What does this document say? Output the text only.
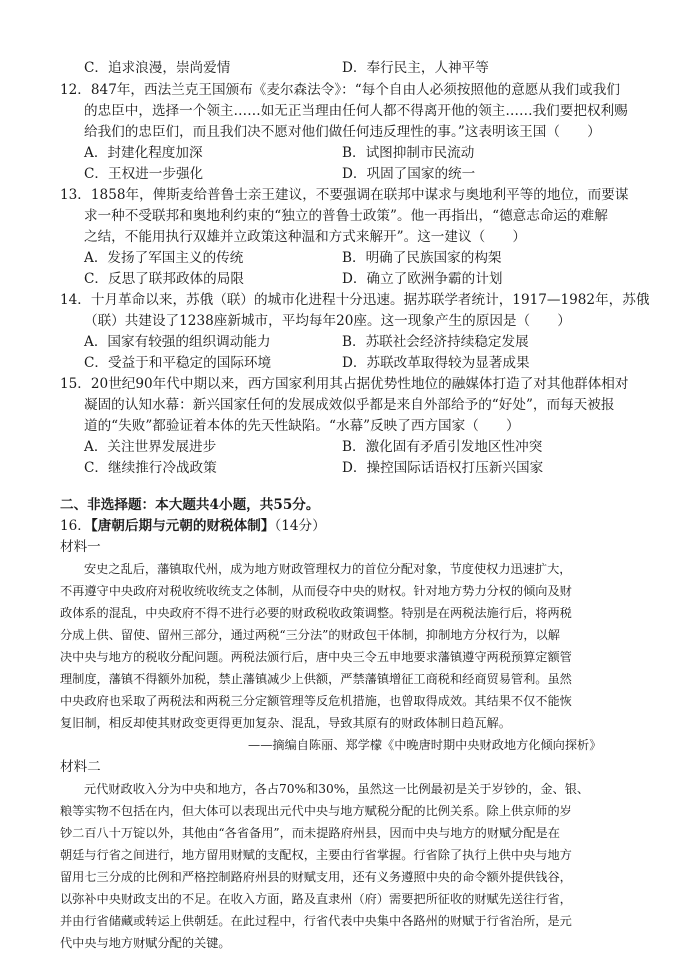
C．追求浪漫，崇尚爱情	D．奉行民主，人神平等
12．847年，西法兰克王国颁布《麦尔森法令》：“每个自由人必须按照他的意愿从我们或我们
的忠臣中，选择一个领主……如无正当理由任何人都不得离开他的领主……我们要把权利赐
给我们的忠臣们，而且我们决不愿对他们做任何违反理性的事。”这表明该王国（　　）
A．封建化程度加深	B．试图抑制市民流动
C．王权进一步强化	D．巩固了国家的统一
13．1858年，俾斯麦给普鲁士亲王建议，不要强调在联邦中谋求与奥地利平等的地位，而要谋
求一种不受联邦和奥地利约束的“独立的普鲁士政策”。他一再指出，“德意志命运的难解
之结，不能用执行双雄并立政策这种温和方式来解开”。这一建议（　　）
A．发扬了军国主义的传统	B．明确了民族国家的构架
C．反思了联邦政体的局限	D．确立了欧洲争霸的计划
14．十月革命以来，苏俄（联）的城市化进程十分迅速。据苏联学者统计，1917—1982年，苏俄
（联）共建设了1238座新城市，平均每年20座。这一现象产生的原因是（　　）
A．国家有较强的组织调动能力	B．苏联社会经济持续稳定发展
C．受益于和平稳定的国际环境	D．苏联改革取得较为显著成果
15．20世纪90年代中期以来，西方国家利用其占据优势性地位的融媒体打造了对其他群体相对
凝固的认知水幕：新兴国家任何的发展成效似乎都是来自外部给予的“好处”，而每天被报
道的“失败”都验证着本体的先天性缺陷。“水幕”反映了西方国家（　　）
A．关注世界发展进步	B．激化固有矛盾引发地区性冲突
C．继续推行冷战政策	D．操控国际话语权打压新兴国家
二、非选择题：本大题共4小题，共55分。
16．【唐朝后期与元朝的财税体制】（14分）
材料一
安史之乱后，藩镇取代州，成为地方财政管理权力的首位分配对象，节度使权力迅速扩大，
不再遵守中央政府对税收统收统支之体制，从而侵夺中央的财权。针对地方势力分权的倾向及财
政体系的混乱，中央政府不得不进行必要的财政税收政策调整。特别是在两税法施行后，将两税
分成上供、留使、留州三部分，通过两税“三分法”的财政包干体制，抑制地方分权行为，以解
决中央与地方的税收分配问题。两税法颁行后，唐中央三令五申地要求藩镇遵守两税预算定额管
理制度，藩镇不得额外加税，禁止藩镇减少上供额，严禁藩镇增征工商税和经商贸易管利。虽然
中央政府也采取了两税法和两税三分定额管理等反危机措施，也曾取得成效。其结果不仅不能恢
复旧制，相反却使其财政变更得更加复杂、混乱，导致其原有的财政体制日趋瓦解。
——摘编自陈丽、郑学檬《中晚唐时期中央财政地方化倾向探析》
材料二
元代财政收入分为中央和地方，各占70%和30%，虽然这一比例最初是关于岁钞的，金、银、
粮等实物不包括在内，但大体可以表现出元代中央与地方赋税分配的比例关系。除上供京师的岁
钞二百八十万锭以外，其他由“各省备用”，而未提路府州县，因而中央与地方的财赋分配是在
朝廷与行省之间进行，地方留用财赋的支配权，主要由行省掌握。行省除了执行上供中央与地方
留用七三分成的比例和严格控制路府州县的财赋支用，还有义务遵照中央的命令额外提供钱谷，
以弥补中央财政支出的不足。在收入方面，路及直隶州（府）需要把所征收的财赋先送往行省，
并由行省储藏或转运上供朝廷。在此过程中，行省代表中央集中各路州的财赋于行省治所，是元
代中央与地方财赋分配的关键。
